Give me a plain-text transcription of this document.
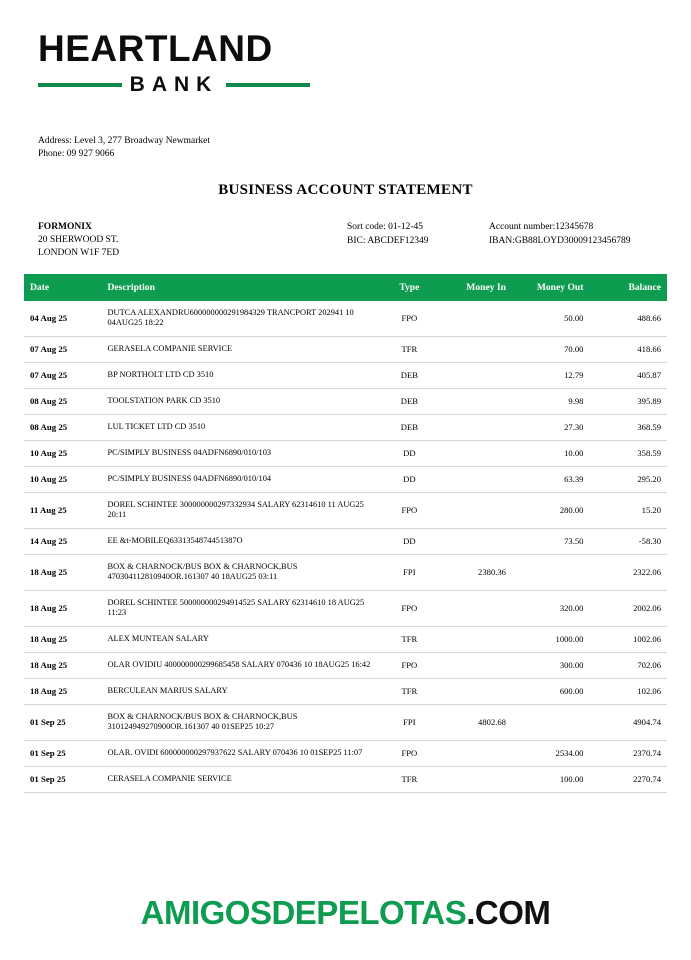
HEARTLAND
BANK
Address: Level 3, 277 Broadway Newmarket
Phone: 09 927 9066
BUSINESS ACCOUNT STATEMENT
FORMONIX
20 SHERWOOD ST.
LONDON W1F 7ED
Sort code: 01-12-45	Account number:12345678
BIC: ABCDEF12349	IBAN:GB88LOYD30009123456789
Date	Description	Type	Money In	Money Out	Balance
04 Aug 25	DUTCA ALEXANDRU600000000291984329 TRANCPORT 202941 10 04AUG25 18:22	FPO		50.00	488.66
07 Aug 25	GERASELA COMPANIE SERVICE	TFR		70.00	418.66
07 Aug 25	BP NORTHOLT LTD CD 3510	DEB		12.79	405.87
08 Aug 25	TOOLSTATION PARK CD 3510	DEB		9.98	395.89
08 Aug 25	LUL TICKET LTD CD 3510	DEB		27.30	368.59
10 Aug 25	PC/SIMPLY BUSINESS 04ADFN6890/010/103	DD		10.00	358.59
10 Aug 25	PC/SIMPLY BUSINESS 04ADFN6890/010/104	DD		63.39	295.20
11 Aug 25	DOREL SCHINTEE 300000000297332934 SALARY 62314610 11 AUG25 20:11	FPO		280.00	15.20
14 Aug 25	EE &t-MOBILEQ6331354874451387O	DD		73.50	-58.30
18 Aug 25	BOX & CHARNOCK/BUS BOX & CHARNOCK,BUS 470304112810940OR.161307 40 18AUG25 03:11	FPI	2380.36		2322.06
18 Aug 25	DOREL SCHINTEE 500000000294914525 SALARY 62314610 18 AUG25 11:23	FPO		320.00	2002.06
18 Aug 25	ALEX MUNTEAN SALARY	TFR		1000.00	1002.06
18 Aug 25	OLAR OVIDIU 400000000299685458 SALARY 070436 10 18AUG25 16:42	FPO		300.00	702.06
18 Aug 25	BERCULEAN MARIUS SALARY	TFR		600.00	102.06
01 Sep 25	BOX & CHARNOCK/BUS BOX & CHARNOCK,BUS 310124949270900OR.161307 40 01SEP25 10:27	FPI	4802.68		4904.74
01 Sep 25	OLAR. OVIDI 600000000297937622 SALARY 070436 10 01SEP25 11:07	FPO		2534.00	2370.74
01 Sep 25	CERASELA COMPANIE SERVICE	TFR		100.00	2270.74
AMIGOSDEPELOTAS.COM
